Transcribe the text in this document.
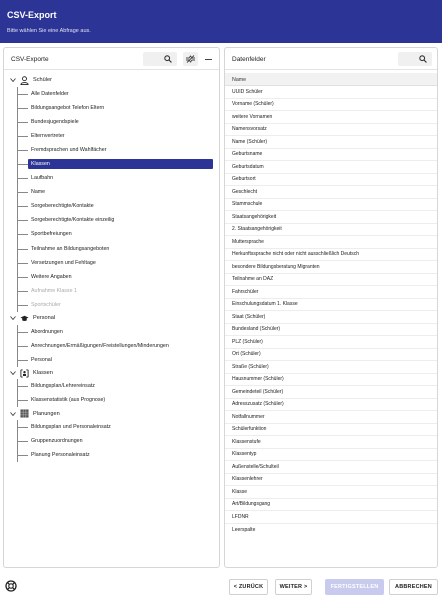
CSV-Export
Bitte wählen Sie eine Abfrage aus.
CSV-Exporte
Schüler
Alle Datenfelder
Bildungsangebot Telefon Eltern
Bundesjugendspiele
Elternvertreter
Fremdsprachen und Wahlfächer
Klassen
Laufbahn
Name
Sorgeberechtigte/Kontakte
Sorgeberechtigte/Kontakte einzeilig
Sportbefreiungen
Teilnahme an Bildungsangeboten
Versetzungen und Fehltage
Weitere Angaben
Aufnahme Klasse 1
Sportschüler
Personal
Abordnungen
Anrechnungen/Ermäßigungen/Freistellungen/Minderungen
Personal
Klassen
Bildungsplan/Lehrereinsatz
Klassenstatistik (aus Prognose)
Planungen
Bildungsplan und Personaleinsatz
Gruppenzuordnungen
Planung Personaleinsatz
Datenfelder
Name
UUID Schüler
Vorname (Schüler)
weitere Vornamen
Namensvorsatz
Name (Schüler)
Geburtsname
Geburtsdatum
Geburtsort
Geschlecht
Stammschule
Staatsangehörigkeit
2. Staatsangehörigkeit
Muttersprache
Herkunftssprache nicht oder nicht ausschließlich Deutsch
besondere Bildungsberatung Migranten
Teilnahme an DAZ
Fahrschüler
Einschulungsdatum 1. Klasse
Staat (Schüler)
Bundesland (Schüler)
PLZ (Schüler)
Ort (Schüler)
Straße (Schüler)
Hausnummer (Schüler)
Gemeindeteil (Schüler)
Adresszusatz (Schüler)
Notfallnummer
Schülerfunktion
Klassenstufe
Klassentyp
Außenstelle/Schulteil
Klassenlehrer
Klasse
Art/Bildungsgang
LFDNR
Leerspalte
< ZURÜCK	WEITER >	FERTIGSTELLEN	ABBRECHEN
